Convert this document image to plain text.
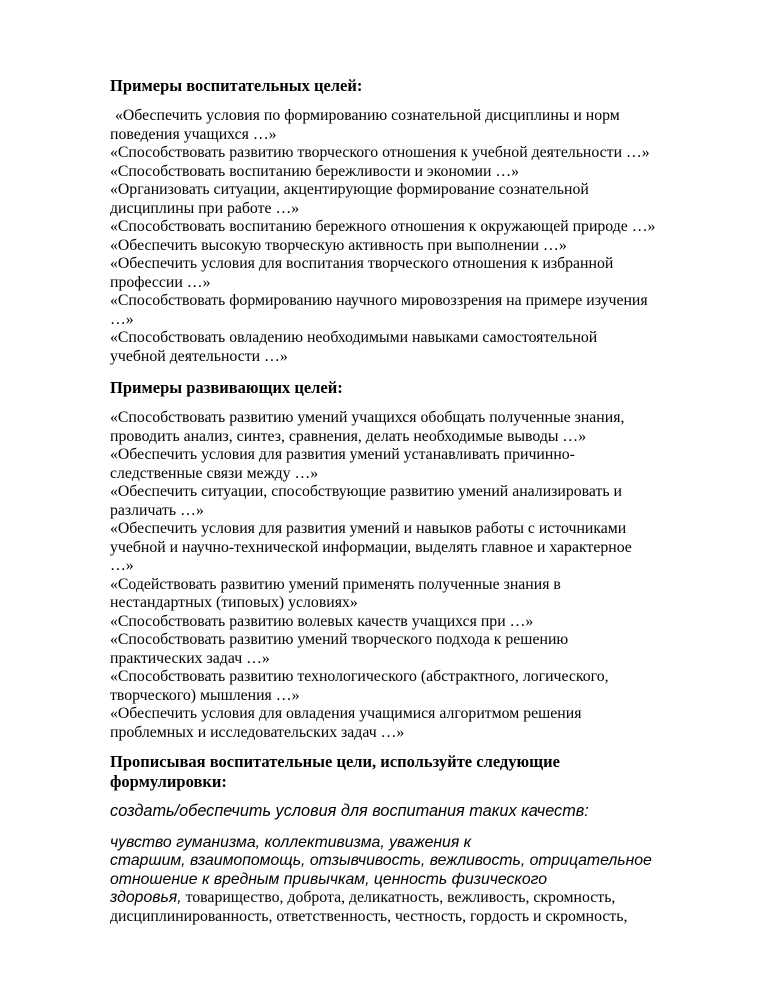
Примеры воспитательных целей:

«Обеспечить условия по формированию сознательной дисциплины и норм

поведения учащихся …»

«Способствовать развитию творческого отношения к учебной деятельности …»

«Способствовать воспитанию бережливости и экономии …»

«Организовать ситуации, акцентирующие формирование сознательной

дисциплины при работе …»

«Способствовать воспитанию бережного отношения к окружающей природе …»

«Обеспечить высокую творческую активность при выполнении …»

«Обеспечить условия для воспитания творческого отношения к избранной

профессии …»

«Способствовать формированию научного мировоззрения на примере изучения

…»

«Способствовать овладению необходимыми навыками самостоятельной

учебной деятельности …»

Примеры развивающих целей:

«Способствовать развитию умений учащихся обобщать полученные знания,

проводить анализ, синтез, сравнения, делать необходимые выводы …»

«Обеспечить условия для развития умений устанавливать причинно-

следственные связи между …»

«Обеспечить ситуации, способствующие развитию умений анализировать и

различать …»

«Обеспечить условия для развития умений и навыков работы с источниками

учебной и научно-технической информации, выделять главное и характерное

…»

«Содействовать развитию умений применять полученные знания в

нестандартных (типовых) условиях»

«Способствовать развитию волевых качеств учащихся при …»

«Способствовать развитию умений творческого подхода к решению

практических задач …»

«Способствовать развитию технологического (абстрактного, логического,

творческого) мышления …»

«Обеспечить условия для овладения учащимися алгоритмом решения

проблемных и исследовательских задач …»

Прописывая воспитательные цели, используйте следующие

формулировки:

создать/обеспечить условия для воспитания таких качеств:

чувство гуманизма, коллективизма, уважения к

старшим, взаимопомощь, отзывчивость, вежливость, отрицательное

отношение к вредным привычкам, ценность физического

здоровья, товарищество, доброта, деликатность, вежливость, скромность,

дисциплинированность, ответственность, честность, гордость и скромность,
